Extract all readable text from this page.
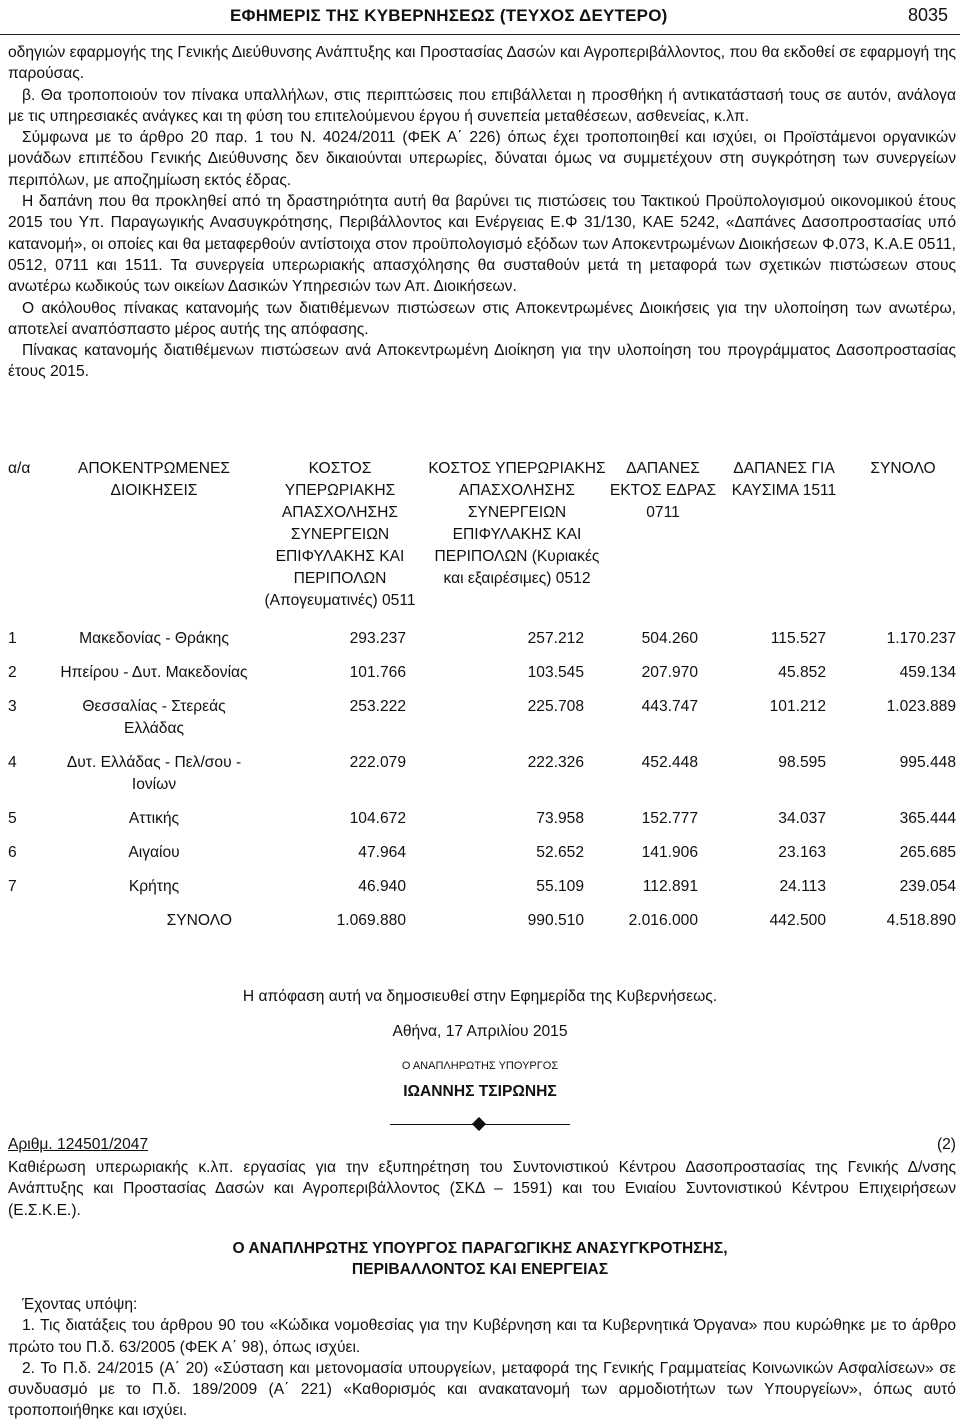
ΕΦΗΜΕΡΙΣ ΤΗΣ ΚΥΒΕΡΝΗΣΕΩΣ (ΤΕΥΧΟΣ ΔΕΥΤΕΡΟ)	8035

οδηγιών εφαρμογής της Γενικής Διεύθυνσης Ανάπτυξης και Προστασίας Δασών και Αγροπεριβάλλοντος, που θα εκδοθεί σε εφαρμογή της παρούσας.

β. Θα τροποποιούν τον πίνακα υπαλλήλων, στις περιπτώσεις που επιβάλλεται η προσθήκη ή αντικατάστασή τους σε αυτόν, ανάλογα με τις υπηρεσιακές ανάγκες και τη φύση του επιτελούμενου έργου ή συνεπεία μεταθέσεων, ασθενείας, κ.λπ.

Σύμφωνα με το άρθρο 20 παρ. 1 του Ν. 4024/2011 (ΦΕΚ Α΄ 226) όπως έχει τροποποιηθεί και ισχύει, οι Προϊστάμενοι οργανικών μονάδων επιπέδου Γενικής Διεύθυνσης δεν δικαιούνται υπερωρίες, δύναται όμως να συμμετέχουν στη συγκρότηση των συνεργείων περιπόλων, με αποζημίωση εκτός έδρας.

Η δαπάνη που θα προκληθεί από τη δραστηριότητα αυτή θα βαρύνει τις πιστώσεις του Τακτικού Προϋπολογισμού οικονομικού έτους 2015 του Υπ. Παραγωγικής Ανασυγκρότησης, Περιβάλλοντος και Ενέργειας Ε.Φ 31/130, ΚΑΕ 5242, «Δαπάνες Δασοπροστασίας υπό κατανομή», οι οποίες και θα μεταφερθούν αντίστοιχα στον προϋπολογισμό εξόδων των Αποκεντρωμένων Διοικήσεων Φ.073, Κ.Α.Ε 0511, 0512, 0711 και 1511. Τα συνεργεία υπερωριακής απασχόλησης θα συσταθούν μετά τη μεταφορά των σχετικών πιστώσεων στους ανωτέρω κωδικούς των οικείων Δασικών Υπηρεσιών των Απ. Διοικήσεων.

Ο ακόλουθος πίνακας κατανομής των διατιθέμενων πιστώσεων στις Αποκεντρωμένες Διοικήσεις για την υλοποίηση των ανωτέρω, αποτελεί αναπόσπαστο μέρος αυτής της απόφασης.

Πίνακας κατανομής διατιθέμενων πιστώσεων ανά Αποκεντρωμένη Διοίκηση για την υλοποίηση του προγράμματος Δασοπροστασίας έτους 2015.

α/α	ΑΠΟΚΕΝΤΡΩΜΕΝΕΣ ΔΙΟΙΚΗΣΕΙΣ	ΚΟΣΤΟΣ ΥΠΕΡΩΡΙΑΚΗΣ ΑΠΑΣΧΟΛΗΣΗΣ ΣΥΝΕΡΓΕΙΩΝ ΕΠΙΦΥΛΑΚΗΣ ΚΑΙ ΠΕΡΙΠΟΛΩΝ (Απογευματινές) 0511	ΚΟΣΤΟΣ ΥΠΕΡΩΡΙΑΚΗΣ ΑΠΑΣΧΟΛΗΣΗΣ ΣΥΝΕΡΓΕΙΩΝ ΕΠΙΦΥΛΑΚΗΣ ΚΑΙ ΠΕΡΙΠΟΛΩΝ (Κυριακές και εξαιρέσιμες) 0512	ΔΑΠΑΝΕΣ ΕΚΤΟΣ ΕΔΡΑΣ 0711	ΔΑΠΑΝΕΣ ΓΙΑ ΚΑΥΣΙΜΑ 1511	ΣΥΝΟΛΟ
1	Μακεδονίας - Θράκης	293.237	257.212	504.260	115.527	1.170.237
2	Ηπείρου - Δυτ. Μακεδονίας	101.766	103.545	207.970	45.852	459.134
3	Θεσσαλίας - Στερεάς Ελλάδας	253.222	225.708	443.747	101.212	1.023.889
4	Δυτ. Ελλάδας - Πελ/σου - Ιονίων	222.079	222.326	452.448	98.595	995.448
5	Αττικής	104.672	73.958	152.777	34.037	365.444
6	Αιγαίου	47.964	52.652	141.906	23.163	265.685
7	Κρήτης	46.940	55.109	112.891	24.113	239.054
	ΣΥΝΟΛΟ	1.069.880	990.510	2.016.000	442.500	4.518.890
Η απόφαση αυτή να δημοσιευθεί στην Εφημερίδα της Κυβερνήσεως.
Αθήνα, 17 Απριλίου 2015
Ο ΑΝΑΠΛΗΡΩΤΗΣ ΥΠΟΥΡΓΟΣ
ΙΩΑΝΝΗΣ ΤΣΙΡΩΝΗΣ
Αριθμ. 124501/2047	(2)

Καθιέρωση υπερωριακής κ.λπ. εργασίας για την εξυπηρέτηση του Συντονιστικού Κέντρου Δασοπροστασίας της Γενικής Δ/νσης Ανάπτυξης και Προστασίας Δασών και Αγροπεριβάλλοντος (ΣΚΔ – 1591) και του Ενιαίου Συντονιστικού Κέντρου Επιχειρήσεων (Ε.Σ.Κ.Ε.).

Ο ΑΝΑΠΛΗΡΩΤΗΣ ΥΠΟΥΡΓΟΣ ΠΑΡΑΓΩΓΙΚΗΣ ΑΝΑΣΥΓΚΡΟΤΗΣΗΣ,
ΠΕΡΙΒΑΛΛΟΝΤΟΣ ΚΑΙ ΕΝΕΡΓΕΙΑΣ

Έχοντας υπόψη:

1. Τις διατάξεις του άρθρου 90 του «Κώδικα νομοθεσίας για την Κυβέρνηση και τα Κυβερνητικά Όργανα» που κυρώθηκε με το άρθρο πρώτο του Π.δ. 63/2005 (ΦΕΚ Α΄ 98), όπως ισχύει.

2. Το Π.δ. 24/2015 (Α΄ 20) «Σύσταση και μετονομασία υπουργείων, μεταφορά της Γενικής Γραμματείας Κοινωνικών Ασφαλίσεων» σε συνδυασμό με το Π.δ. 189/2009 (Α΄ 221) «Καθορισμός και ανακατανομή των αρμοδιοτήτων των Υπουργείων», όπως αυτό τροποποιήθηκε και ισχύει.
